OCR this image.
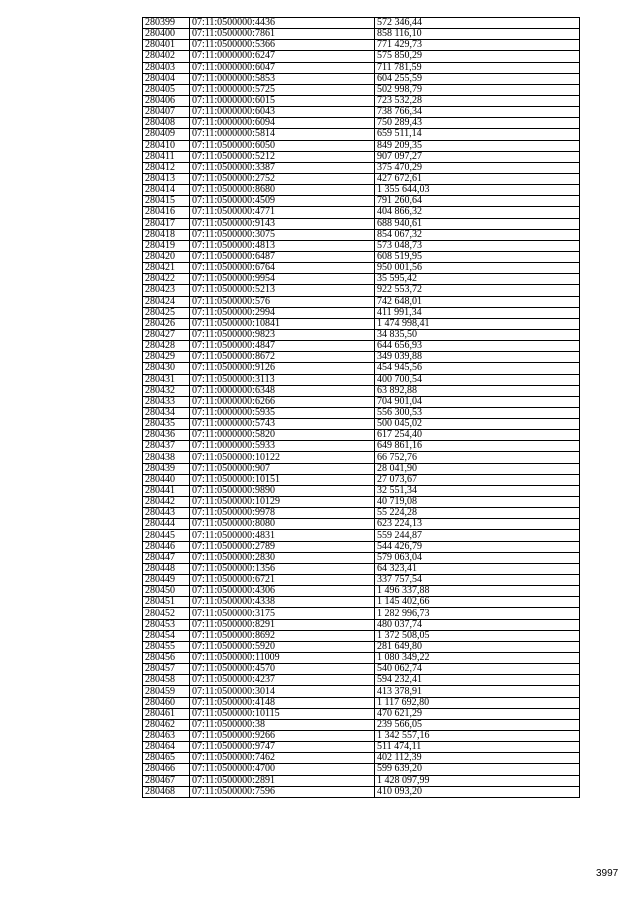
280399	07:11:0500000:4436	572 346,44
280400	07:11:0500000:7861	858 116,10
280401	07:11:0500000:5366	771 429,73
280402	07:11:0000000:6247	575 850,29
280403	07:11:0000000:6047	711 781,59
280404	07:11:0000000:5853	604 255,59
280405	07:11:0000000:5725	502 998,79
280406	07:11:0000000:6015	723 532,28
280407	07:11:0000000:6043	738 766,34
280408	07:11:0000000:6094	750 289,43
280409	07:11:0000000:5814	659 511,14
280410	07:11:0500000:6050	849 209,35
280411	07:11:0500000:5212	907 097,27
280412	07:11:0500000:3387	375 470,29
280413	07:11:0500000:2752	427 672,61
280414	07:11:0500000:8680	1 355 644,03
280415	07:11:0500000:4509	791 260,64
280416	07:11:0500000:4771	404 866,32
280417	07:11:0500000:9143	688 940,61
280418	07:11:0500000:3075	854 067,32
280419	07:11:0500000:4813	573 048,73
280420	07:11:0500000:6487	608 519,95
280421	07:11:0500000:6764	950 001,56
280422	07:11:0500000:9954	35 595,42
280423	07:11:0500000:5213	922 553,72
280424	07:11:0500000:576	742 648,01
280425	07:11:0500000:2994	411 991,34
280426	07:11:0500000:10841	1 474 998,41
280427	07:11:0500000:9823	34 835,50
280428	07:11:0500000:4847	644 656,93
280429	07:11:0500000:8672	349 039,88
280430	07:11:0500000:9126	454 945,56
280431	07:11:0500000:3113	400 700,54
280432	07:11:0000000:6348	63 892,88
280433	07:11:0000000:6266	704 901,04
280434	07:11:0000000:5935	556 300,53
280435	07:11:0000000:5743	500 045,02
280436	07:11:0000000:5820	617 254,40
280437	07:11:0000000:5933	649 861,16
280438	07:11:0500000:10122	66 752,76
280439	07:11:0500000:907	28 041,90
280440	07:11:0500000:10151	27 073,67
280441	07:11:0500000:9890	32 551,34
280442	07:11:0500000:10129	40 719,08
280443	07:11:0500000:9978	55 224,28
280444	07:11:0500000:8080	623 224,13
280445	07:11:0500000:4831	559 244,87
280446	07:11:0500000:2789	544 426,79
280447	07:11:0500000:2830	579 063,04
280448	07:11:0500000:1356	64 323,41
280449	07:11:0500000:6721	337 757,54
280450	07:11:0500000:4306	1 496 337,88
280451	07:11:0500000:4338	1 145 402,66
280452	07:11:0500000:3175	1 282 996,73
280453	07:11:0500000:8291	480 037,74
280454	07:11:0500000:8692	1 372 508,05
280455	07:11:0500000:5920	281 649,80
280456	07:11:0500000:11009	1 080 349,22
280457	07:11:0500000:4570	540 062,74
280458	07:11:0500000:4237	594 232,41
280459	07:11:0500000:3014	413 378,91
280460	07:11:0500000:4148	1 117 692,80
280461	07:11:0500000:10115	470 621,29
280462	07:11:0500000:38	239 566,05
280463	07:11:0500000:9266	1 342 557,16
280464	07:11:0500000:9747	511 474,11
280465	07:11:0500000:7462	402 112,39
280466	07:11:0500000:4700	599 639,20
280467	07:11:0500000:2891	1 428 097,99
280468	07:11:0500000:7596	410 093,20
3997
